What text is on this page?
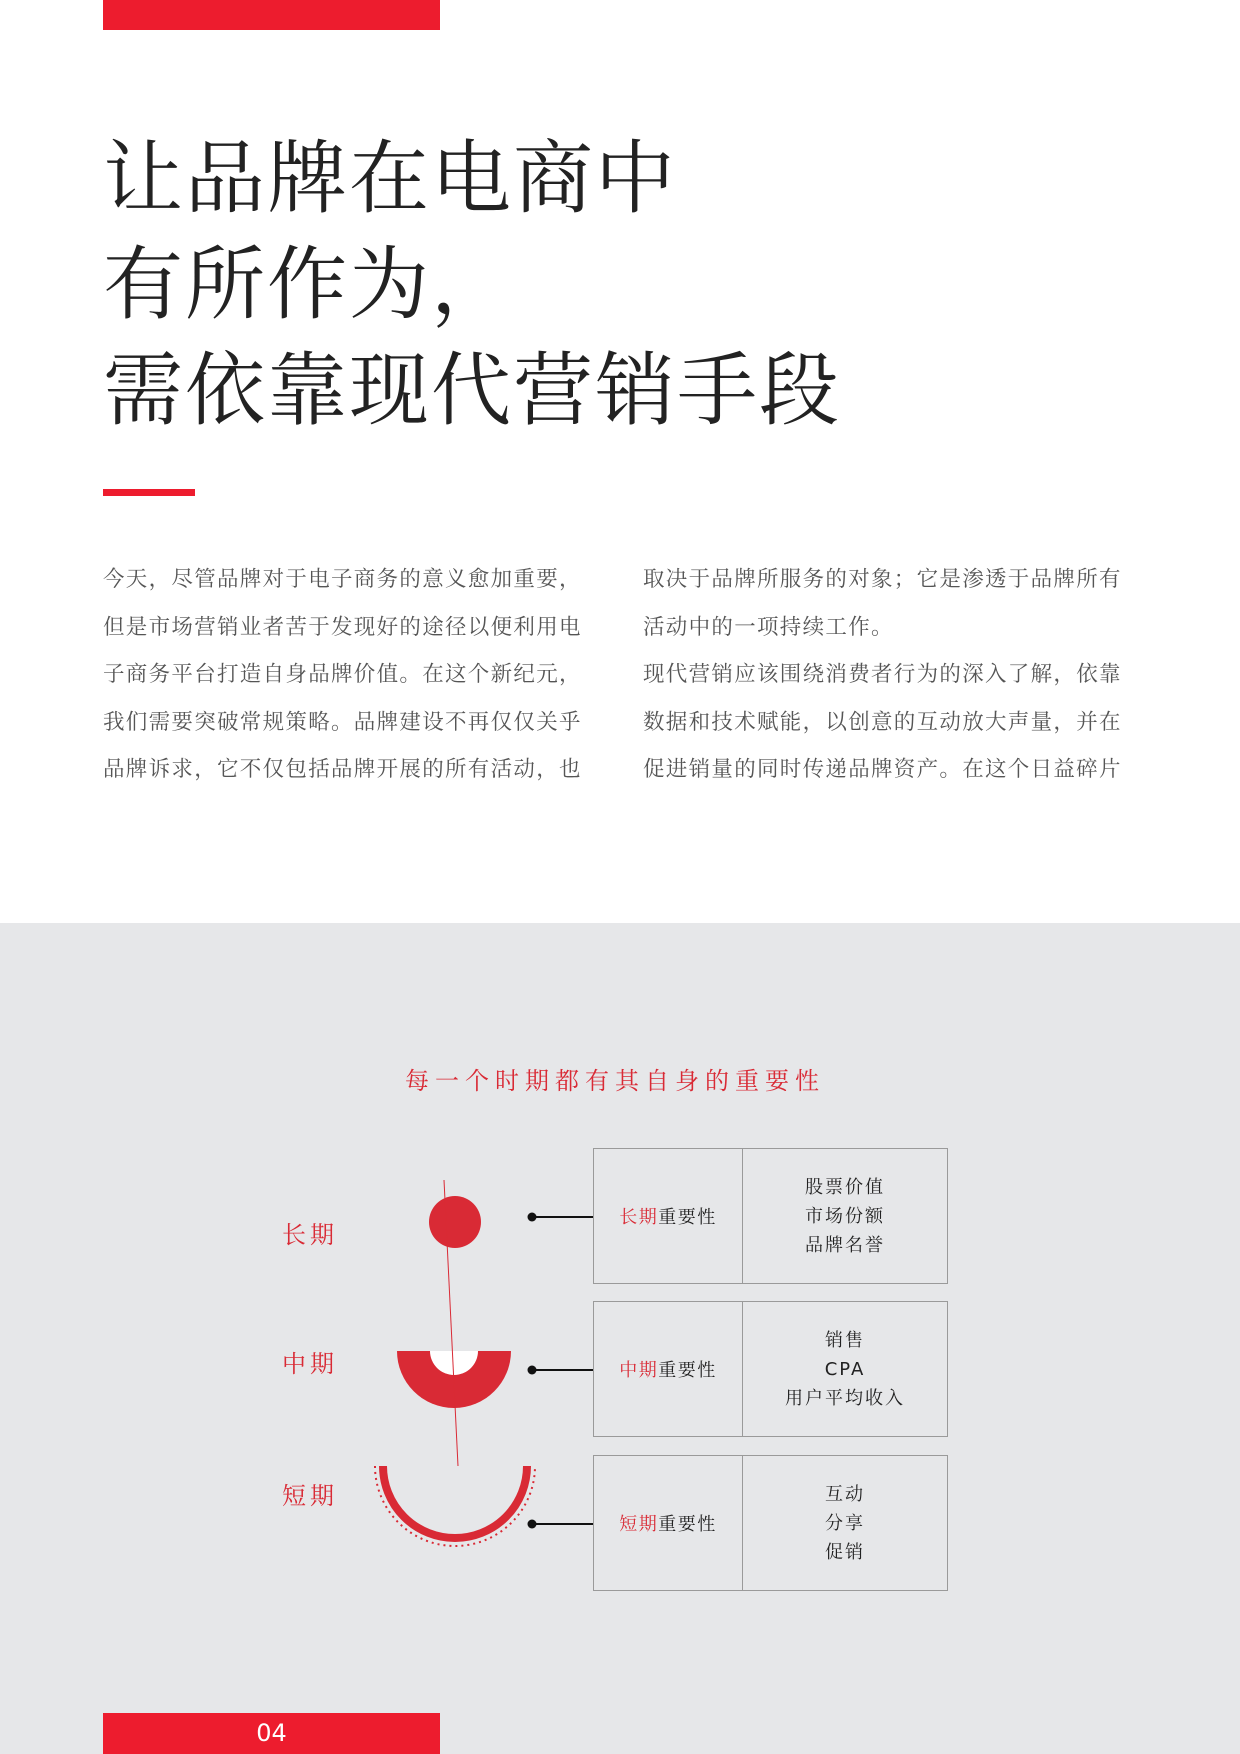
让品牌在电商中
有所作为，
需依靠现代营销手段

今天，尽管品牌对于电子商务的意义愈加重要，

但是市场营销业者苦于发现好的途径以便利用电

子商务平台打造自身品牌价值。在这个新纪元，

我们需要突破常规策略。品牌建设不再仅仅关乎

品牌诉求，它不仅包括品牌开展的所有活动，也

取决于品牌所服务的对象；它是渗透于品牌所有

活动中的一项持续工作。

现代营销应该围绕消费者行为的深入了解，依靠

数据和技术赋能，以创意的互动放大声量，并在

促进销量的同时传递品牌资产。在这个日益碎片

每一个时期都有其自身的重要性
长期
中期
短期
长期 重要性
股票价值
市场份额
品牌名誉
中期 重要性
销售
CPA
用户平均收入
短期 重要性
互动
分享
促销
04
